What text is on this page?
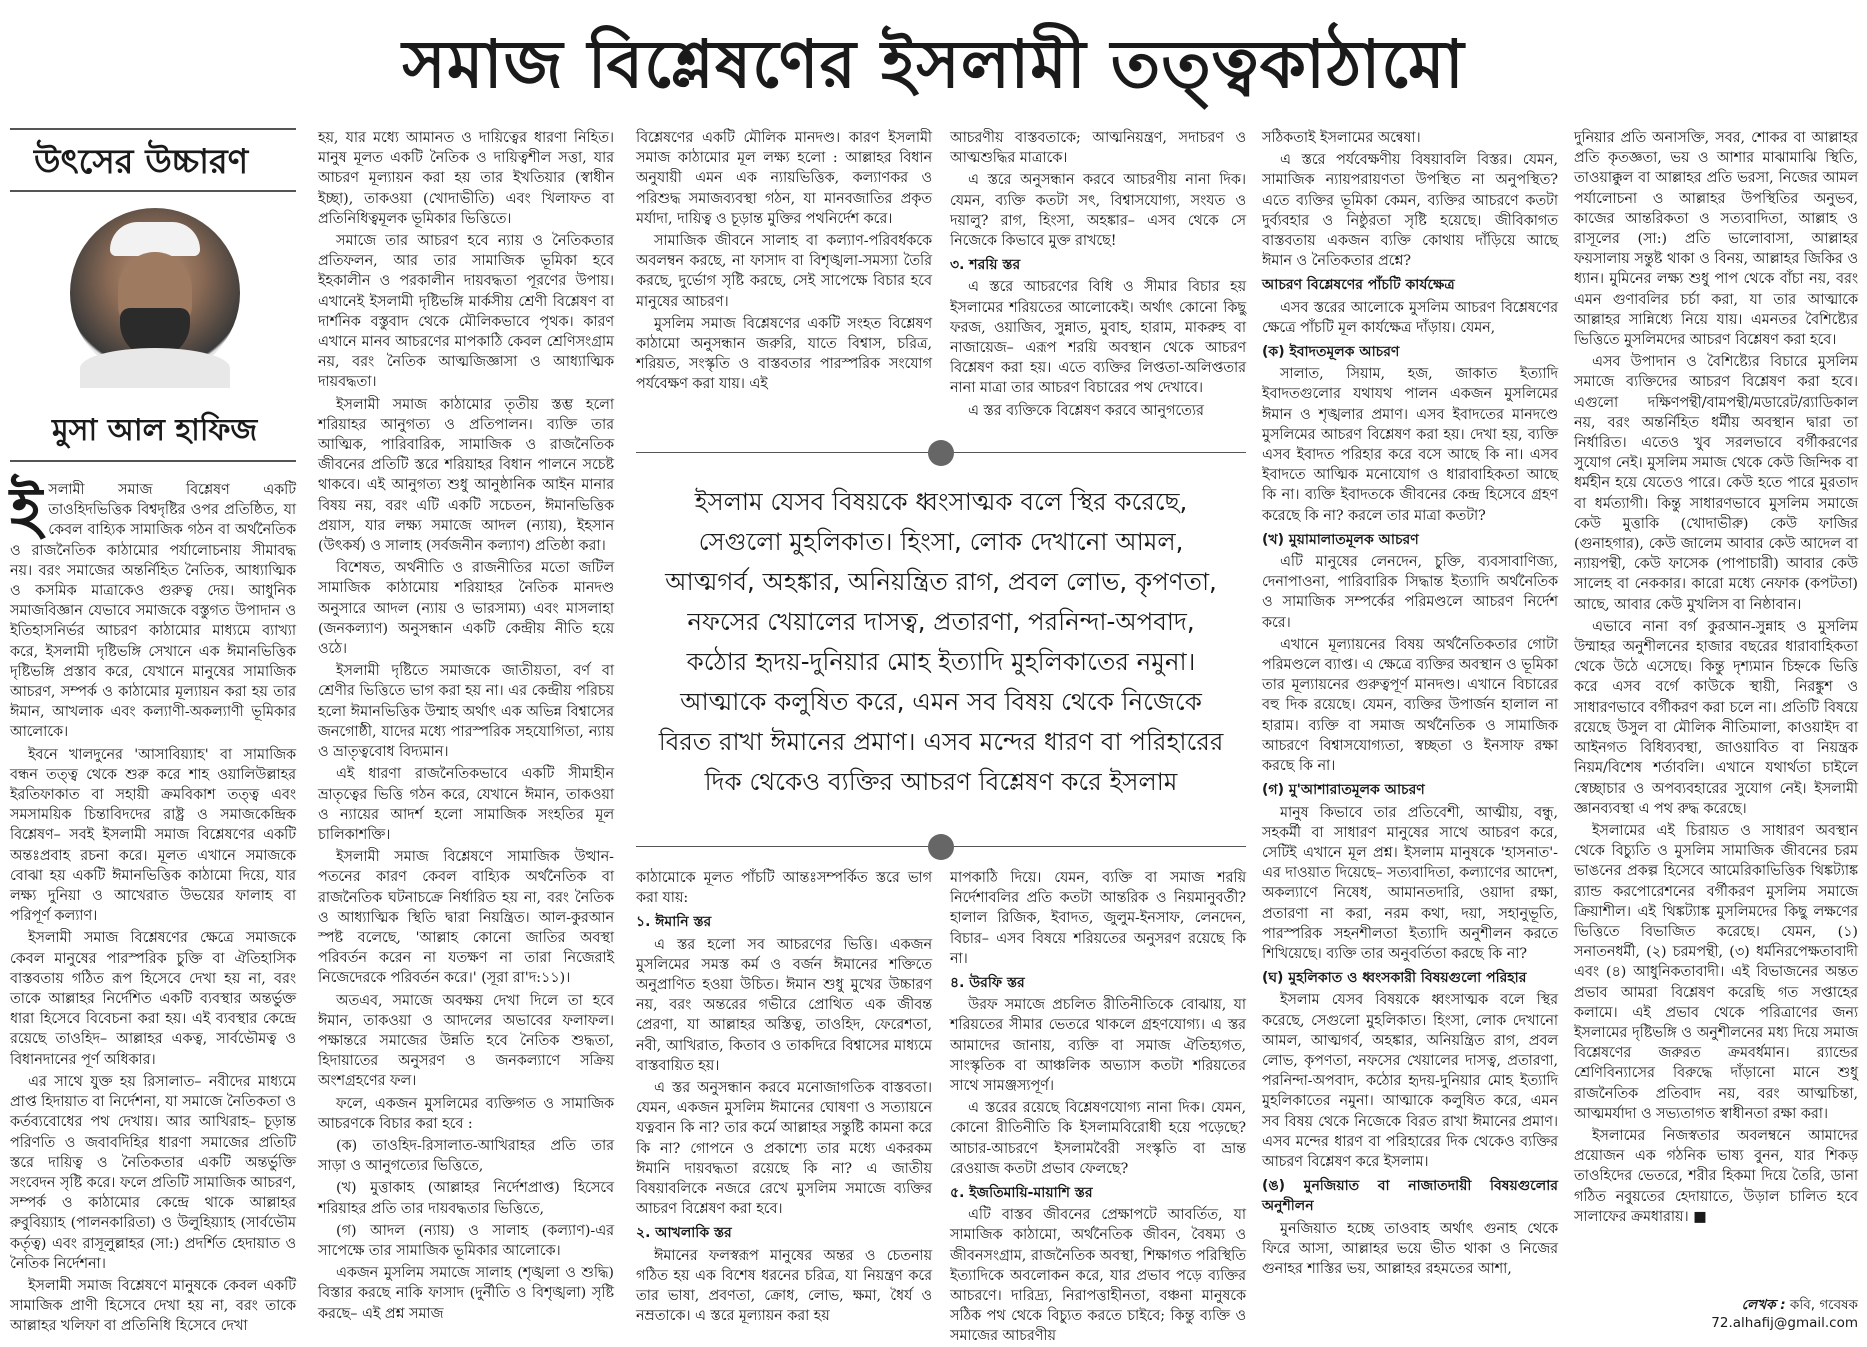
সমাজ বিশ্লেষণের ইসলামী তত্ত্বকাঠামো
উৎসের উচ্চারণ
মুসা আল হাফিজ

ইসলামী সমাজ বিশ্লেষণ একটি তাওহিদভিত্তিক বিশ্বদৃষ্টির ওপর প্রতিষ্ঠিত, যা কেবল বাহ্যিক সামাজিক গঠন বা অর্থনৈতিক ও রাজনৈতিক কাঠামোর পর্যালোচনায় সীমাবদ্ধ নয়। বরং সমাজের অন্তর্নিহিত নৈতিক, আধ্যাত্মিক ও কসমিক মাত্রাকেও গুরুত্ব দেয়। আধুনিক সমাজবিজ্ঞান যেভাবে সমাজকে বস্তুগত উপাদান ও ইতিহাসনির্ভর আচরণ কাঠামোর মাধ্যমে ব্যাখ্যা করে, ইসলামী দৃষ্টিভঙ্গি সেখানে এক ঈমানভিত্তিক দৃষ্টিভঙ্গি প্রস্তাব করে, যেখানে মানুষের সামাজিক আচরণ, সম্পর্ক ও কাঠামোর মূল্যায়ন করা হয় তার ঈমান, আখলাক এবং কল্যাণী-অকল্যাণী ভূমিকার আলোকে।

ইবনে খালদুনের 'আসাবিয়্যাহ' বা সামাজিক বন্ধন তত্ত্ব থেকে শুরু করে শাহ ওয়ালিউল্লাহর ইরতিফাকাত বা সহায়ী ক্রমবিকাশ তত্ত্ব এবং সমসাময়িক চিন্তাবিদদের রাষ্ট্র ও সমাজকেন্দ্রিক বিশ্লেষণ– সবই ইসলামী সমাজ বিশ্লেষণের একটি অন্তঃপ্রবাহ রচনা করে। মূলত এখানে সমাজকে বোঝা হয় একটি ঈমানভিত্তিক কাঠামো দিয়ে, যার লক্ষ্য দুনিয়া ও আখেরাত উভয়ের ফালাহ বা পরিপূর্ণ কল্যাণ।

ইসলামী সমাজ বিশ্লেষণের ক্ষেত্রে সমাজকে কেবল মানুষের পারস্পরিক চুক্তি বা ঐতিহাসিক বাস্তবতায় গঠিত রূপ হিসেবে দেখা হয় না, বরং তাকে আল্লাহর নির্দেশিত একটি ব্যবস্থার অন্তর্ভুক্ত ধারা হিসেবে বিবেচনা করা হয়। এই ব্যবস্থার কেন্দ্রে রয়েছে তাওহিদ– আল্লাহর একত্ব, সার্বভৌমত্ব ও বিধানদানের পূর্ণ অধিকার।

এর সাথে যুক্ত হয় রিসালাত– নবীদের মাধ্যমে প্রাপ্ত হিদায়াত বা নির্দেশনা, যা সমাজে নৈতিকতা ও কর্তব্যবোধের পথ দেখায়। আর আখিরাহ– চূড়ান্ত পরিণতি ও জবাবদিহির ধারণা সমাজের প্রতিটি স্তরে দায়িত্ব ও নৈতিকতার একটি অন্তর্ভুক্তি সংবেদন সৃষ্টি করে। ফলে প্রতিটি সামাজিক আচরণ, সম্পর্ক ও কাঠামোর কেন্দ্রে থাকে আল্লাহর রুবুবিয়্যাহ (পালনকারিতা) ও উলুহিয়্যাহ (সার্বভৌম কর্তৃত্ব) এবং রাসূলুল্লাহর (সা:) প্রদর্শিত হেদায়াত ও নৈতিক নির্দেশনা।

ইসলামী সমাজ বিশ্লেষণে মানুষকে কেবল একটি সামাজিক প্রাণী হিসেবে দেখা হয় না, বরং তাকে আল্লাহর খলিফা বা প্রতিনিধি হিসেবে দেখা

হয়, যার মধ্যে আমানত ও দায়িত্বের ধারণা নিহিত। মানুষ মূলত একটি নৈতিক ও দায়িত্বশীল সত্তা, যার আচরণ মূল্যায়ন করা হয় তার ইখতিয়ার (স্বাধীন ইচ্ছা), তাকওয়া (খোদাভীতি) এবং খিলাফত বা প্রতিনিধিত্বমূলক ভূমিকার ভিত্তিতে।

সমাজে তার আচরণ হবে ন্যায় ও নৈতিকতার প্রতিফলন, আর তার সামাজিক ভূমিকা হবে ইহকালীন ও পরকালীন দায়বদ্ধতা পূরণের উপায়। এখানেই ইসলামী দৃষ্টিভঙ্গি মার্কসীয় শ্রেণী বিশ্লেষণ বা দার্শনিক বস্তুবাদ থেকে মৌলিকভাবে পৃথক। কারণ এখানে মানব আচরণের মাপকাঠি কেবল শ্রেণিসংগ্রাম নয়, বরং নৈতিক আত্মজিজ্ঞাসা ও আধ্যাত্মিক দায়বদ্ধতা।

ইসলামী সমাজ কাঠামোর তৃতীয় স্তম্ভ হলো শরিয়াহর আনুগত্য ও প্রতিপালন। ব্যক্তি তার আত্মিক, পারিবারিক, সামাজিক ও রাজনৈতিক জীবনের প্রতিটি স্তরে শরিয়াহর বিধান পালনে সচেষ্ট থাকবে। এই আনুগত্য শুধু আনুষ্ঠানিক আইন মানার বিষয় নয়, বরং এটি একটি সচেতন, ঈমানভিত্তিক প্রয়াস, যার লক্ষ্য সমাজে আদল (ন্যায়), ইহসান (উৎকর্ষ) ও সালাহ (সর্বজনীন কল্যাণ) প্রতিষ্ঠা করা।

বিশেষত, অর্থনীতি ও রাজনীতির মতো জটিল সামাজিক কাঠামোয় শরিয়াহর নৈতিক মানদণ্ড অনুসারে আদল (ন্যায় ও ভারসাম্য) এবং মাসলাহা (জনকল্যাণ) অনুসন্ধান একটি কেন্দ্রীয় নীতি হয়ে ওঠে।

ইসলামী দৃষ্টিতে সমাজকে জাতীয়তা, বর্ণ বা শ্রেণীর ভিত্তিতে ভাগ করা হয় না। এর কেন্দ্রীয় পরিচয় হলো ঈমানভিত্তিক উম্মাহ অর্থাৎ এক অভিন্ন বিশ্বাসের জনগোষ্ঠী, যাদের মধ্যে পারস্পরিক সহযোগিতা, ন্যায় ও ভ্রাতৃত্ববোধ বিদ্যমান।

এই ধারণা রাজনৈতিকভাবে একটি সীমাহীন ভ্রাতৃত্বের ভিত্তি গঠন করে, যেখানে ঈমান, তাকওয়া ও ন্যায়ের আদর্শ হলো সামাজিক সংহতির মূল চালিকাশক্তি।

ইসলামী সমাজ বিশ্লেষণে সামাজিক উত্থান-পতনের কারণ কেবল বাহ্যিক অর্থনৈতিক বা রাজনৈতিক ঘটনাচক্রে নির্ধারিত হয় না, বরং নৈতিক ও আধ্যাত্মিক স্থিতি দ্বারা নিয়ন্ত্রিত। আল-কুরআন স্পষ্ট বলেছে, 'আল্লাহ কোনো জাতির অবস্থা পরিবর্তন করেন না যতক্ষণ না তারা নিজেরাই নিজেদেরকে পরিবর্তন করে।' (সূরা রা'দ:১১)।

অতএব, সমাজে অবক্ষয় দেখা দিলে তা হবে ঈমান, তাকওয়া ও আদলের অভাবের ফলাফল। পক্ষান্তরে সমাজের উন্নতি হবে নৈতিক শুদ্ধতা, হিদায়াতের অনুসরণ ও জনকল্যাণে সক্রিয় অংশগ্রহণের ফল।

ফলে, একজন মুসলিমের ব্যক্তিগত ও সামাজিক আচরণকে বিচার করা হবে :

(ক) তাওহিদ-রিসালাত-আখিরাহর প্রতি তার সাড়া ও আনুগত্যের ভিত্তিতে,

(খ) মুত্তাকাহ (আল্লাহর নির্দেশপ্রাপ্ত) হিসেবে শরিয়াহর প্রতি তার দায়বদ্ধতার ভিত্তিতে,

(গ) আদল (ন্যায়) ও সালাহ (কল্যাণ)-এর সাপেক্ষে তার সামাজিক ভূমিকার আলোকে।

একজন মুসলিম সমাজে সালাহ (শৃঙ্খলা ও শুদ্ধি) বিস্তার করছে নাকি ফাসাদ (দুর্নীতি ও বিশৃঙ্খলা) সৃষ্টি করছে– এই প্রশ্ন সমাজ

বিশ্লেষণের একটি মৌলিক মানদণ্ড। কারণ ইসলামী সমাজ কাঠামোর মূল লক্ষ্য হলো : আল্লাহর বিধান অনুযায়ী এমন এক ন্যায়ভিত্তিক, কল্যাণকর ও পরিশুদ্ধ সমাজব্যবস্থা গঠন, যা মানবজাতির প্রকৃত মর্যাদা, দায়িত্ব ও চূড়ান্ত মুক্তির পথনির্দেশ করে।

সামাজিক জীবনে সালাহ বা কল্যাণ-পরিবর্ধককে অবলম্বন করছে, না ফাসাদ বা বিশৃঙ্খলা-সমস্যা তৈরি করছে, দুর্ভোগ সৃষ্টি করছে, সেই সাপেক্ষে বিচার হবে মানুষের আচরণ।

মুসলিম সমাজ বিশ্লেষণের একটি সংহত বিশ্লেষণ কাঠামো অনুসন্ধান জরুরি, যাতে বিশ্বাস, চরিত্র, শরিয়ত, সংস্কৃতি ও বাস্তবতার পারস্পরিক সংযোগ পর্যবেক্ষণ করা যায়। এই

আচরণীয় বাস্তবতাকে; আত্মনিয়ন্ত্রণ, সদাচরণ ও আত্মশুদ্ধির মাত্রাকে।

এ স্তরে অনুসন্ধান করবে আচরণীয় নানা দিক। যেমন, ব্যক্তি কতটা সৎ, বিশ্বাসযোগ্য, সংযত ও দয়ালু? রাগ, হিংসা, অহঙ্কার– এসব থেকে সে নিজেকে কিভাবে মুক্ত রাখছে!

৩. শরয়ি স্তর

এ স্তরে আচরণের বিধি ও সীমার বিচার হয় ইসলামের শরিয়তের আলোকেই। অর্থাৎ কোনো কিছু ফরজ, ওয়াজিব, সুন্নাত, মুবাহ, হারাম, মাকরুহ বা নাজায়েজ– এরূপ শরয়ি অবস্থান থেকে আচরণ বিশ্লেষণ করা হয়। এতে ব্যক্তির লিপ্ততা-অলিপ্ততার নানা মাত্রা তার আচরণ বিচারের পথ দেখাবে।

এ স্তর ব্যক্তিকে বিশ্লেষণ করবে আনুগত্যের

ইসলাম যেসব বিষয়কে ধ্বংসাত্মক বলে স্থির করেছে, সেগুলো মুহলিকাত। হিংসা, লোক দেখানো আমল, আত্মগর্ব, অহঙ্কার, অনিয়ন্ত্রিত রাগ, প্রবল লোভ, কৃপণতা, নফসের খেয়ালের দাসত্ব, প্রতারণা, পরনিন্দা-অপবাদ, কঠোর হৃদয়-দুনিয়ার মোহ ইত্যাদি মুহলিকাতের নমুনা। আত্মাকে কলুষিত করে, এমন সব বিষয় থেকে নিজেকে বিরত রাখা ঈমানের প্রমাণ। এসব মন্দের ধারণ বা পরিহারের দিক থেকেও ব্যক্তির আচরণ বিশ্লেষণ করে ইসলাম

কাঠামোকে মূলত পাঁচটি আন্তঃসম্পর্কিত স্তরে ভাগ করা যায়:

১. ঈমানি স্তর

এ স্তর হলো সব আচরণের ভিত্তি। একজন মুসলিমের সমস্ত কর্ম ও বর্জন ঈমানের শক্তিতে অনুপ্রাণিত হওয়া উচিত। ঈমান শুধু মুখের উচ্চারণ নয়, বরং অন্তরের গভীরে প্রোথিত এক জীবন্ত প্রেরণা, যা আল্লাহর অস্তিত্ব, তাওহিদ, ফেরেশতা, নবী, আখিরাত, কিতাব ও তাকদিরে বিশ্বাসের মাধ্যমে বাস্তবায়িত হয়।

এ স্তর অনুসন্ধান করবে মনোজাগতিক বাস্তবতা। যেমন, একজন মুসলিম ঈমানের ঘোষণা ও সত্যায়নে যত্নবান কি না? তার কর্মে আল্লাহর সন্তুষ্টি কামনা করে কি না? গোপনে ও প্রকাশ্যে তার মধ্যে একরকম ঈমানি দায়বদ্ধতা রয়েছে কি না? এ জাতীয় বিষয়াবলিকে নজরে রেখে মুসলিম সমাজে ব্যক্তির আচরণ বিশ্লেষণ করা হবে।

২. আখলাকি স্তর

ঈমানের ফলস্বরূপ মানুষের অন্তর ও চেতনায় গঠিত হয় এক বিশেষ ধরনের চরিত্র, যা নিয়ন্ত্রণ করে তার ভাষা, প্রবণতা, ক্রোধ, লোভ, ক্ষমা, ধৈর্য ও নম্রতাকে। এ স্তরে মূল্যায়ন করা হয়

মাপকাঠি দিয়ে। যেমন, ব্যক্তি বা সমাজ শরয়ি নির্দেশাবলির প্রতি কতটা আন্তরিক ও নিয়মানুবর্তী? হালাল রিজিক, ইবাদত, জুলুম-ইনসাফ, লেনদেন, বিচার– এসব বিষয়ে শরিয়তের অনুসরণ রয়েছে কি না।

৪. উরফি স্তর

উরফ সমাজে প্রচলিত রীতিনীতিকে বোঝায়, যা শরিয়তের সীমার ভেতরে থাকলে গ্রহণযোগ্য। এ স্তর আমাদের জানায়, ব্যক্তি বা সমাজ ঐতিহ্যগত, সাংস্কৃতিক বা আঞ্চলিক অভ্যাস কতটা শরিয়তের সাথে সামঞ্জস্যপূর্ণ।

এ স্তরের রয়েছে বিশ্লেষণযোগ্য নানা দিক। যেমন, কোনো রীতিনীতি কি ইসলামবিরোধী হয়ে পড়েছে? আচার-আচরণে ইসলামবৈরী সংস্কৃতি বা ভ্রান্ত রেওয়াজ কতটা প্রভাব ফেলছে?

৫. ইজতিমায়ি-মায়াশি স্তর

এটি বাস্তব জীবনের প্রেক্ষাপটে আবর্তিত, যা সামাজিক কাঠামো, অর্থনৈতিক জীবন, বৈষম্য ও জীবনসংগ্রাম, রাজনৈতিক অবস্থা, শিক্ষাগত পরিস্থিতি ইত্যাদিকে অবলোকন করে, যার প্রভাব পড়ে ব্যক্তির আচরণে। দারিদ্র্য, নিরাপত্তাহীনতা, বঞ্চনা মানুষকে সঠিক পথ থেকে বিচ্যুত করতে চাইবে; কিন্তু ব্যক্তি ও সমাজের আচরণীয়

সঠিকতাই ইসলামের অন্বেষা।

এ স্তরে পর্যবেক্ষণীয় বিষয়াবলি বিস্তর। যেমন, সামাজিক ন্যায়পরায়ণতা উপস্থিত না অনুপস্থিত? এতে ব্যক্তির ভূমিকা কেমন, ব্যক্তির আচরণে কতটা দুর্ব্যবহার ও নিষ্ঠুরতা সৃষ্টি হয়েছে। জীবিকাগত বাস্তবতায় একজন ব্যক্তি কোথায় দাঁড়িয়ে আছে ঈমান ও নৈতিকতার প্রশ্নে?

আচরণ বিশ্লেষণের পাঁচটি কার্যক্ষেত্র

এসব স্তরের আলোকে মুসলিম আচরণ বিশ্লেষণের ক্ষেত্রে পাঁচটি মূল কার্যক্ষেত্র দাঁড়ায়। যেমন,

(ক) ইবাদতমূলক আচরণ

সালাত, সিয়াম, হজ, জাকাত ইত্যাদি ইবাদতগুলোর যথাযথ পালন একজন মুসলিমের ঈমান ও শৃঙ্খলার প্রমাণ। এসব ইবাদতের মানদণ্ডে মুসলিমের আচরণ বিশ্লেষণ করা হয়। দেখা হয়, ব্যক্তি এসব ইবাদত পরিহার করে বসে আছে কি না। এসব ইবাদতে আত্মিক মনোযোগ ও ধারাবাহিকতা আছে কি না। ব্যক্তি ইবাদতকে জীবনের কেন্দ্র হিসেবে গ্রহণ করেছে কি না? করলে তার মাত্রা কতটা?

(খ) মুয়ামালাতমূলক আচরণ

এটি মানুষের লেনদেন, চুক্তি, ব্যবসাবাণিজ্য, দেনাপাওনা, পারিবারিক সিদ্ধান্ত ইত্যাদি অর্থনৈতিক ও সামাজিক সম্পর্কের পরিমণ্ডলে আচরণ নির্দেশ করে।

এখানে মূল্যায়নের বিষয় অর্থনৈতিকতার গোটা পরিমণ্ডলে ব্যাপ্ত। এ ক্ষেত্রে ব্যক্তির অবস্থান ও ভূমিকা তার মূল্যায়নের গুরুত্বপূর্ণ মানদণ্ড। এখানে বিচারের বহু দিক রয়েছে। যেমন, ব্যক্তির উপার্জন হালাল না হারাম। ব্যক্তি বা সমাজ অর্থনৈতিক ও সামাজিক আচরণে বিশ্বাসযোগ্যতা, স্বচ্ছতা ও ইনসাফ রক্ষা করছে কি না।

(গ) মু'আশারাতমূলক আচরণ

মানুষ কিভাবে তার প্রতিবেশী, আত্মীয়, বন্ধু, সহকর্মী বা সাধারণ মানুষের সাথে আচরণ করে, সেটিই এখানে মূল প্রশ্ন। ইসলাম মানুষকে 'হাসনাত'-এর দাওয়াত দিয়েছে– সত্যবাদিতা, কল্যাণের আদেশ, অকল্যাণে নিষেধ, আমানতদারি, ওয়াদা রক্ষা, প্রতারণা না করা, নরম কথা, দয়া, সহানুভূতি, পারস্পরিক সহনশীলতা ইত্যাদি অনুশীলন করতে শিখিয়েছে। ব্যক্তি তার অনুবর্তিতা করছে কি না?

(ঘ) মুহলিকাত ও ধ্বংসকারী বিষয়গুলো পরিহার

ইসলাম যেসব বিষয়কে ধ্বংসাত্মক বলে স্থির করেছে, সেগুলো মুহলিকাত। হিংসা, লোক দেখানো আমল, আত্মগর্ব, অহঙ্কার, অনিয়ন্ত্রিত রাগ, প্রবল লোভ, কৃপণতা, নফসের খেয়ালের দাসত্ব, প্রতারণা, পরনিন্দা-অপবাদ, কঠোর হৃদয়-দুনিয়ার মোহ ইত্যাদি মুহলিকাতের নমুনা। আত্মাকে কলুষিত করে, এমন সব বিষয় থেকে নিজেকে বিরত রাখা ঈমানের প্রমাণ। এসব মন্দের ধারণ বা পরিহারের দিক থেকেও ব্যক্তির আচরণ বিশ্লেষণ করে ইসলাম।

(ঙ) মুনজিয়াত বা নাজাতদায়ী বিষয়গুলোর অনুশীলন

মুনজিয়াত হচ্ছে তাওবাহ অর্থাৎ গুনাহ থেকে ফিরে আসা, আল্লাহর ভয়ে ভীত থাকা ও নিজের গুনাহর শাস্তির ভয়, আল্লাহর রহমতের আশা,

দুনিয়ার প্রতি অনাসক্তি, সবর, শোকর বা আল্লাহর প্রতি কৃতজ্ঞতা, ভয় ও আশার মাঝামাঝি স্থিতি, তাওয়াক্কুল বা আল্লাহর প্রতি ভরসা, নিজের আমল পর্যালোচনা ও আল্লাহর উপস্থিতির অনুভব, কাজের আন্তরিকতা ও সত্যবাদিতা, আল্লাহ ও রাসূলের (সা:) প্রতি ভালোবাসা, আল্লাহর ফয়সালায় সন্তুষ্ট থাকা ও বিনয়, আল্লাহর জিকির ও ধ্যান। মুমিনের লক্ষ্য শুধু পাপ থেকে বাঁচা নয়, বরং এমন গুণাবলির চর্চা করা, যা তার আত্মাকে আল্লাহর সান্নিধ্যে নিয়ে যায়। এমনতর বৈশিষ্ট্যের ভিত্তিতে মুসলিমদের আচরণ বিশ্লেষণ করা হবে।

এসব উপাদান ও বৈশিষ্ট্যের বিচারে মুসলিম সমাজে ব্যক্তিদের আচরণ বিশ্লেষণ করা হবে। এগুলো দক্ষিণপন্থী/বামপন্থী/মডারেট/র‍্যাডিকাল নয়, বরং অন্তর্নিহিত ধর্মীয় অবস্থান দ্বারা তা নির্ধারিত। এতেও খুব সরলভাবে বর্গীকরণের সুযোগ নেই। মুসলিম সমাজ থেকে কেউ জিন্দিক বা ধর্মহীন হয়ে যেতেও পারে। কেউ হতে পারে মুরতাদ বা ধর্মত্যাগী। কিন্তু সাধারণভাবে মুসলিম সমাজে কেউ মুত্তাকি (খোদাভীরু) কেউ ফাজির (গুনাহগার), কেউ জালেম আবার কেউ আদেল বা ন্যায়পন্থী, কেউ ফাসেক (পাপাচারী) আবার কেউ সালেহ বা নেককার। কারো মধ্যে নেফাক (কপটতা) আছে, আবার কেউ মুখলিস বা নিষ্ঠাবান।

এভাবে নানা বর্গ কুরআন-সুন্নাহ ও মুসলিম উম্মাহর অনুশীলনের হাজার বছরের ধারাবাহিকতা থেকে উঠে এসেছে। কিন্তু দৃশ্যমান চিহ্নকে ভিত্তি করে এসব বর্গে কাউকে স্থায়ী, নিরঙ্কুশ ও সাধারণভাবে বর্গীকরণ করা চলে না। প্রতিটি বিষয়ে রয়েছে উসুল বা মৌলিক নীতিমালা, কাওয়াইদ বা আইনগত বিধিব্যবস্থা, জাওয়াবিত বা নিয়ন্ত্রক নিয়ম/বিশেষ শর্তাবলি। এখানে যথার্থতা চাইলে স্বেচ্ছাচার ও অপব্যবহারের সুযোগ নেই। ইসলামী জ্ঞানব্যবস্থা এ পথ রুদ্ধ করেছে।

ইসলামের এই চিরায়ত ও সাধারণ অবস্থান থেকে বিচ্যুতি ও মুসলিম সামাজিক জীবনের চরম ভাঙনের প্রকল্প হিসেবে আমেরিকাভিত্তিক থিঙ্কট্যাঙ্ক র‍্যান্ড করপোরেশনের বর্গীকরণ মুসলিম সমাজে ক্রিয়াশীল। এই থিঙ্কট্যাঙ্ক মুসলিমদের কিছু লক্ষণের ভিত্তিতে বিভাজিত করেছে। যেমন, (১) সনাতনধর্মী, (২) চরমপন্থী, (৩) ধর্মনিরপেক্ষতাবাদী এবং (৪) আধুনিকতাবাদী। এই বিভাজনের অন্তত প্রভাব আমরা বিশ্লেষণ করেছি গত সপ্তাহের কলামে। এই প্রভাব থেকে পরিত্রাণের জন্য ইসলামের দৃষ্টিভঙ্গি ও অনুশীলনের মধ্য দিয়ে সমাজ বিশ্লেষণের জরুরত ক্রমবর্ধমান। র‍্যান্ডের শ্রেণিবিন্যাসের বিরুদ্ধে দাঁড়ানো মানে শুধু রাজনৈতিক প্রতিবাদ নয়, বরং আত্মচিন্তা, আত্মমর্যাদা ও সভ্যতাগত স্বাধীনতা রক্ষা করা।

ইসলামের নিজস্বতার অবলম্বনে আমাদের প্রয়োজন এক গঠনিক ভাষ্য বুনন, যার শিকড় তাওহিদের ভেতরে, শরীর হিকমা দিয়ে তৈরি, ডানা গঠিত নবুয়তের হেদায়াতে, উড়াল চালিত হবে সালাফের ক্রমধারায়। ■

লেখক : কবি, গবেষক
72.alhafij@gmail.com
